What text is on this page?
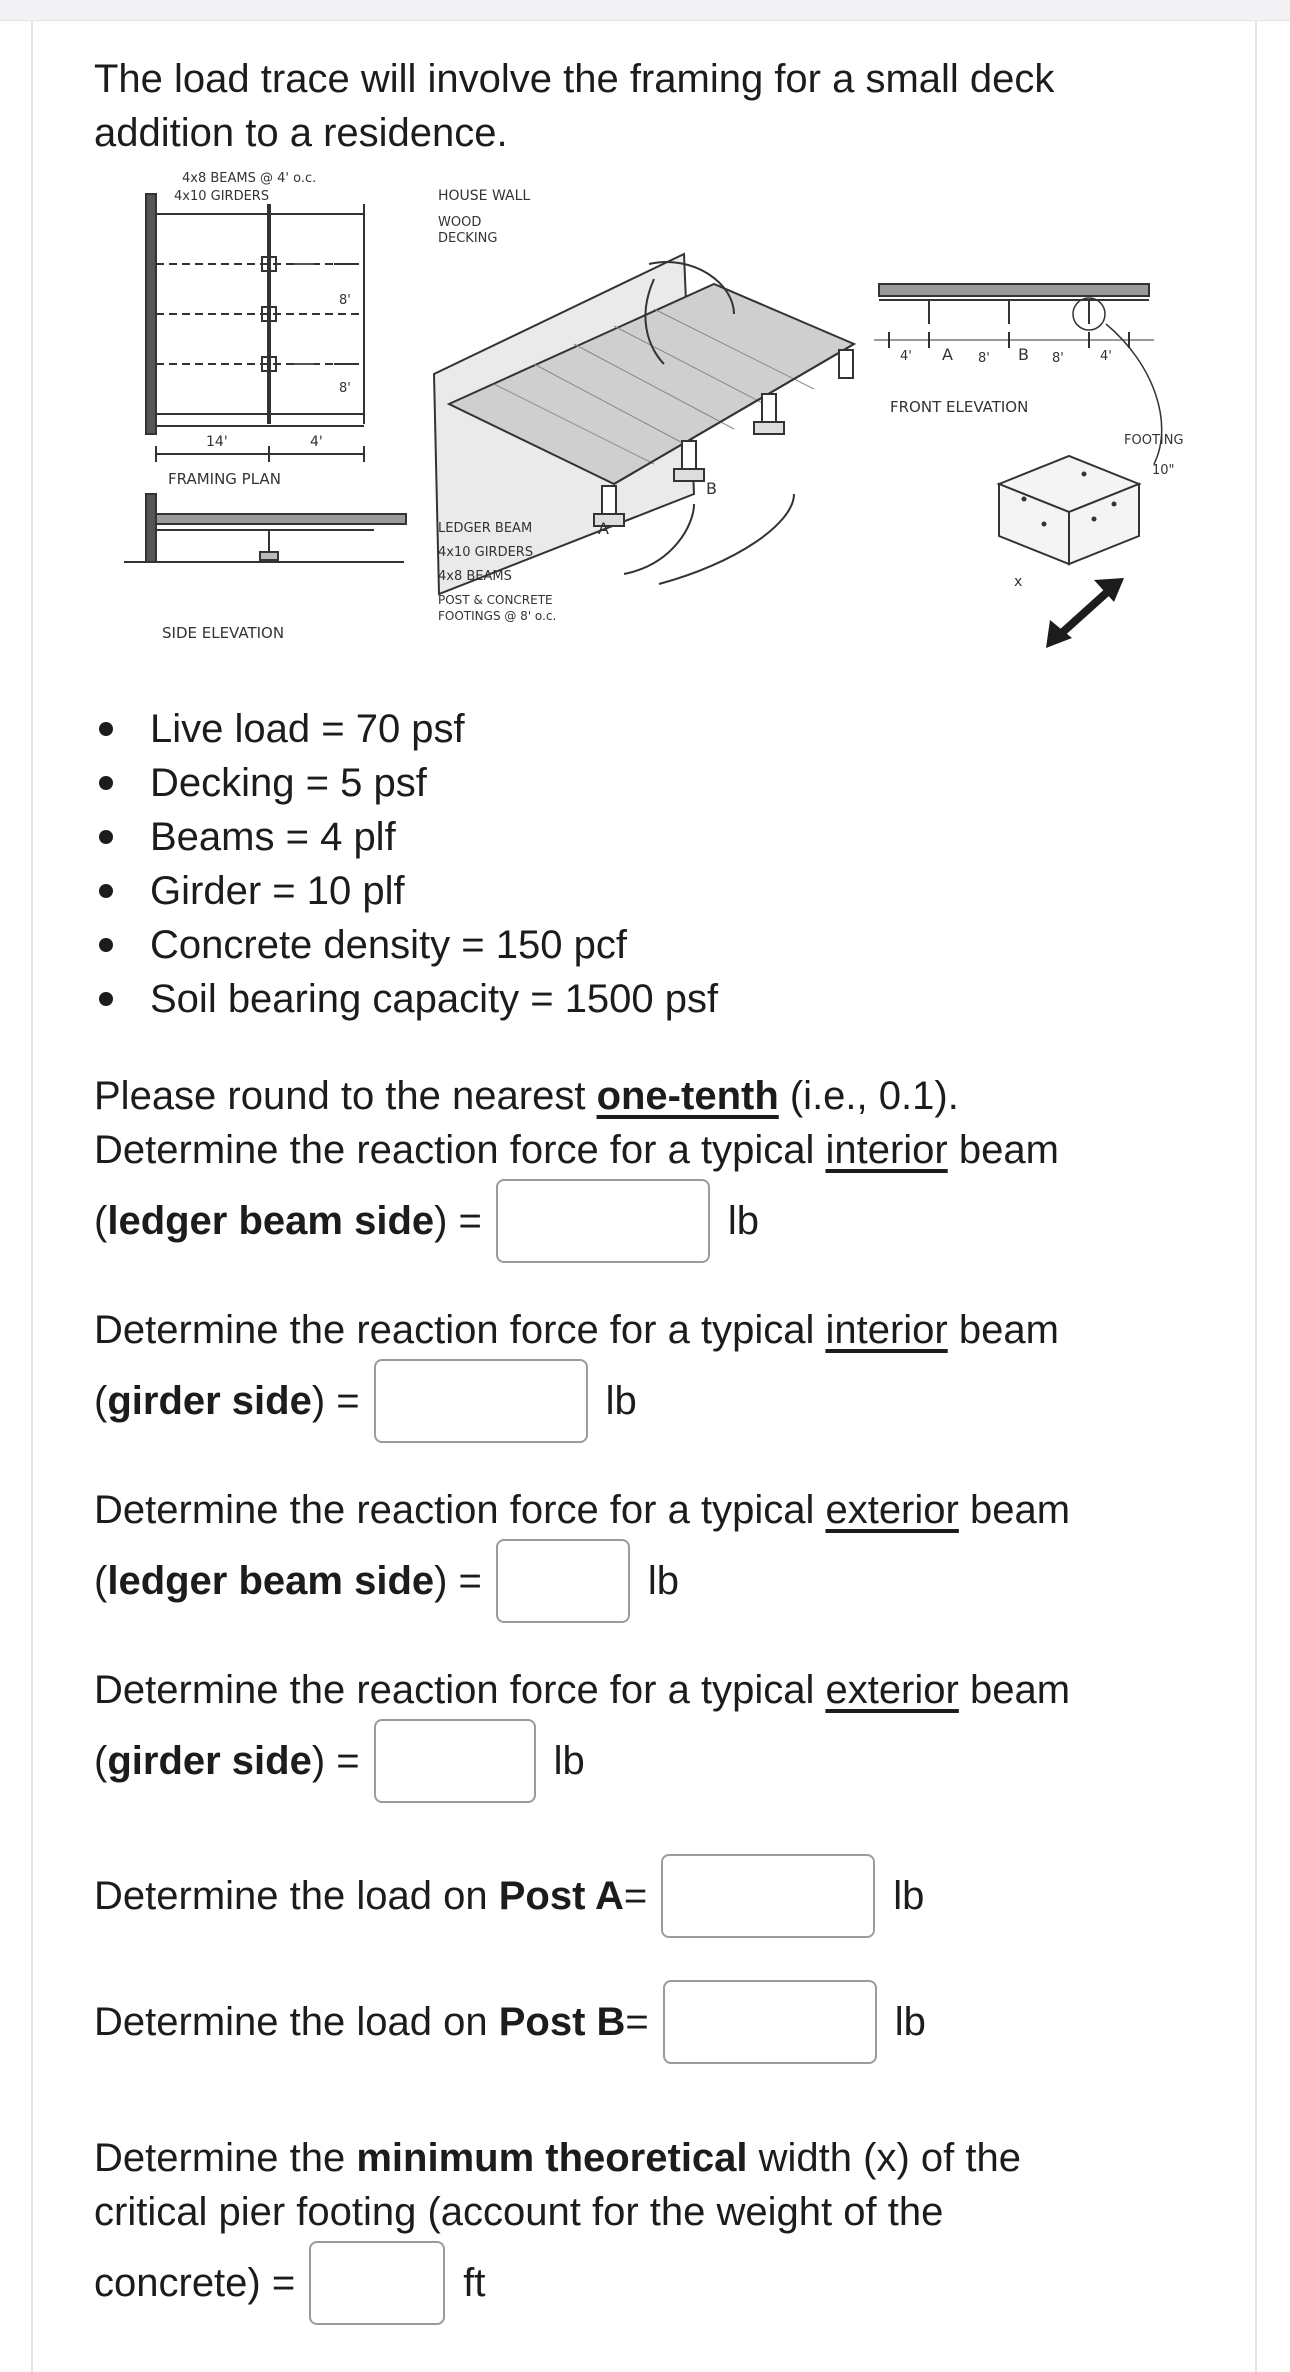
The load trace will involve the framing for a small deck addition to a residence.

4x8 BEAMS @ 4' o.c.
4x10 GIRDERS
8'
8'
14'	4'
FRAMING PLAN
SIDE ELEVATION
HOUSE WALL
WOOD
DECKING
B
A
LEDGER BEAM
4x10 GIRDERS
4x8 BEAMS
POST & CONCRETE
FOOTINGS @ 8' o.c.
4' A 8' B 8'	4'
FRONT ELEVATION
FOOTING
10"
x
Live load = 70 psf
Decking = 5 psf
Beams = 4 plf
Girder = 10 plf
Concrete density = 150 pcf
Soil bearing capacity = 1500 psf
Please round to the nearest one-tenth (i.e., 0.1).
Determine the reaction force for a typical interior beam
( ledger beam side ) =	lb
Determine the reaction force for a typical interior beam
( girder side ) =	lb
Determine the reaction force for a typical exterior beam
( ledger beam side ) =	lb
Determine the reaction force for a typical exterior beam
( girder side ) =	lb
Determine the load on
Post A =	lb
Determine the load on
Post B =	lb
Determine the minimum theoretical width (x) of the
critical pier footing (account for the weight of the
concrete) =	ft
